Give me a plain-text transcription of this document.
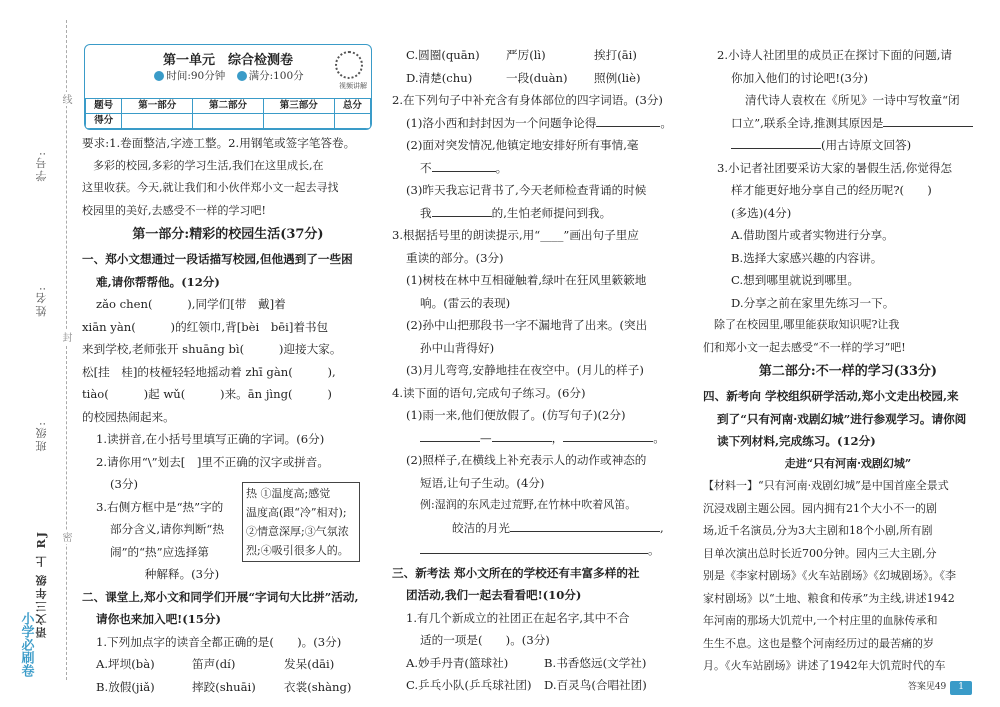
线
封
密
学号:
姓名:
班级:
语文三年级 上 RJ
小学必刷卷
第一单元　综合检测卷
时间:90分钟 满分:100分
视频讲解
题号	第一部分	第二部分	第三部分	总分
得分				
要求:1.卷面整洁,字迹工整。2.用钢笔或签字笔答卷。
　多彩的校园,多彩的学习生活,我们在这里成长,在
这里收获。今天,就让我们和小伙伴郑小文一起去寻找
校园里的美好,去感受不一样的学习吧!
第一部分:精彩的校园生活(37分)
一、郑小文想通过一段话描写校园,但他遇到了一些困
难,请你帮帮他。(12分)
zǎo chen(　　　),同学们[带　戴]着
xiān yàn(　　　)的红领巾,背[bèi　bēi]着书包
来到学校,老师张开 shuāng bì(　　　)迎接大家。
松[挂　桂]的枝桠轻轻地摇动着 zhī gàn(　　　),
tiào(　　　)起 wǔ(　　　)来。ān jìng(　　　)
的校园热闹起来。
1.读拼音,在小括号里填写正确的字词。(6分)
2.请你用“\”划去[　]里不正确的汉字或拼音。
(3分)
3.右侧方框中是“热”字的
部分含义,请你判断“热
闹”的“热”应选择第
　　　种解释。(3分)
二、课堂上,郑小文和同学们开展“字词句大比拼”活动,
请你也来加入吧!(15分)
1.下列加点字的读音全都正确的是(　　)。(3分)
A.坪坝(bà)	笛声(dí)	发呆(dāi)
B.放假(jiǎ)	摔跤(shuāi) 衣裳(shàng)
热 ①温度高;感觉
温度高(跟“冷”相对);
②情意深厚;③气氛浓
烈;④吸引很多人的。
C.圆圈(quān) 严厉(lì)	挨打(āi)
D.清楚(chu)	一段(duàn) 照例(liè)
2.在下列句子中补充含有身体部位的四字词语。(3分)
(1)洛小西和封封因为一个问题争论得	。
(2)面对突发情况,他镇定地安排好所有事情,毫
不	。
(3)昨天我忘记背书了,今天老师检查背诵的时候
我	的,生怕老师提问到我。
3.根据括号里的朗读提示,用“____”画出句子里应
重读的部分。(3分)
(1)树枝在林中互相碰触着,绿叶在狂风里簌簌地
响。(雷云的表现)
(2)孙中山把那段书一字不漏地背了出来。(突出
孙中山背得好)
(3)月儿弯弯,安静地挂在夜空中。(月儿的样子)
4.读下面的语句,完成句子练习。(6分)
(1)雨一来,他们便放假了。(仿写句子)(2分)
—	，	。
(2)照样子,在横线上补充表示人的动作或神态的
短语,让句子生动。(4分)
例:湿润的东风走过荒野,在竹林中吹着风笛。
皎洁的月光	,
。
三、新考法 郑小文所在的学校还有丰富多样的社
团活动,我们一起去看看吧!(10分)
1.有几个新成立的社团正在起名字,其中不合
适的一项是(　　)。(3分)
A.妙手丹青(篮球社)	B.书香悠远(文学社)
C.乒乓小队(乒乓球社团) D.百灵鸟(合唱社团)
2.小诗人社团里的成员正在探讨下面的问题,请
你加入他们的讨论吧!(3分)
清代诗人袁枚在《所见》一诗中写牧童“闭
口立”,联系全诗,推测其原因是
(用古诗原文回答)
3.小记者社团要采访大家的暑假生活,你觉得怎
样才能更好地分享自己的经历呢?(　　)
(多选)(4分)
A.借助图片或者实物进行分享。
B.选择大家感兴趣的内容讲。
C.想到哪里就说到哪里。
D.分享之前在家里先练习一下。
　除了在校园里,哪里能获取知识呢?让我
们和郑小文一起去感受“不一样的学习”吧!
第二部分:不一样的学习(33分)
四、新考向 学校组织研学活动,郑小文走出校园,来
到了“只有河南·戏剧幻城”进行参观学习。请你阅
读下列材料,完成练习。(12分)
走进“只有河南·戏剧幻城”
【材料一】“只有河南·戏剧幻城”是中国首座全景式
沉浸戏剧主题公园。园内拥有21个大小不一的剧
场,近千名演员,分为3大主剧和18个小剧,所有剧
目单次演出总时长近700分钟。园内三大主剧,分
别是《李家村剧场》《火车站剧场》《幻城剧场》。《李
家村剧场》以“土地、粮食和传承”为主线,讲述1942
年河南的那场大饥荒中,一个村庄里的血脉传承和
生生不息。这也是整个河南经历过的最苦痛的岁
月。《火车站剧场》讲述了1942年大饥荒时代的车
答案见49 1
